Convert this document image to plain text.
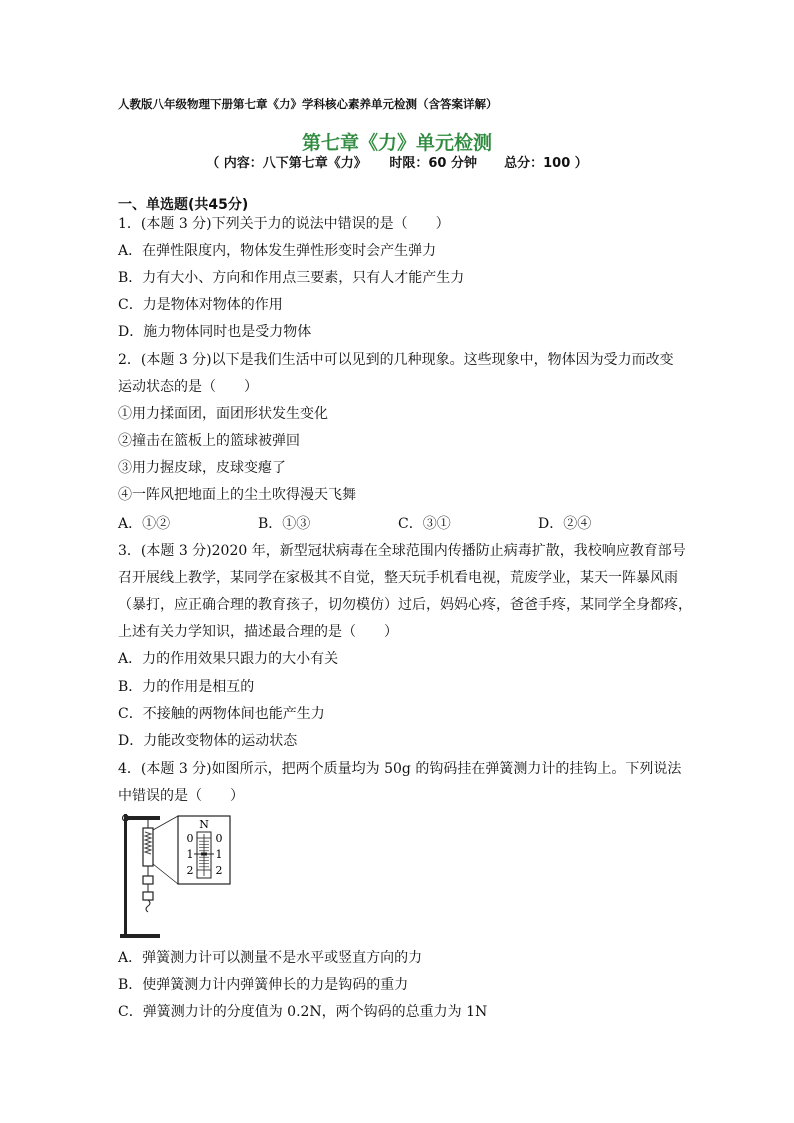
人教版八年级物理下册第七章《力》学科核心素养单元检测（含答案详解）
第七章《力》单元检测
（ 内容：八下第七章《力》     时限：60 分钟      总分：100 ）
一、单选题(共45分)
1．(本题 3 分)下列关于力的说法中错误的是（　　）
A．在弹性限度内，物体发生弹性形变时会产生弹力
B．力有大小、方向和作用点三要素，只有人才能产生力
C．力是物体对物体的作用
D．施力物体同时也是受力物体
2．(本题 3 分)以下是我们生活中可以见到的几种现象。这些现象中，物体因为受力而改变
运动状态的是（　　）
①用力揉面团，面团形状发生变化
②撞击在篮板上的篮球被弹回
③用力握皮球，皮球变瘪了
④一阵风把地面上的尘土吹得漫天飞舞
A．①②	B．①③	C．③①	D．②④
3．(本题 3 分)2020 年，新型冠状病毒在全球范围内传播防止病毒扩散，我校响应教育部号
召开展线上教学，某同学在家极其不自觉，整天玩手机看电视，荒废学业，某天一阵暴风雨
（暴打，应正确合理的教育孩子，切勿模仿）过后，妈妈心疼，爸爸手疼，某同学全身都疼，
上述有关力学知识，描述最合理的是（　　）
A．力的作用效果只跟力的大小有关
B．力的作用是相互的
C．不接触的两物体间也能产生力
D．力能改变物体的运动状态
4．(本题 3 分)如图所示，把两个质量均为 50g 的钩码挂在弹簧测力计的挂钩上。下列说法
中错误的是（　　）
N
0
1
2
0
1
2
A．弹簧测力计可以测量不是水平或竖直方向的力
B．使弹簧测力计内弹簧伸长的力是钩码的重力
C．弹簧测力计的分度值为 0.2N，两个钩码的总重力为 1N
